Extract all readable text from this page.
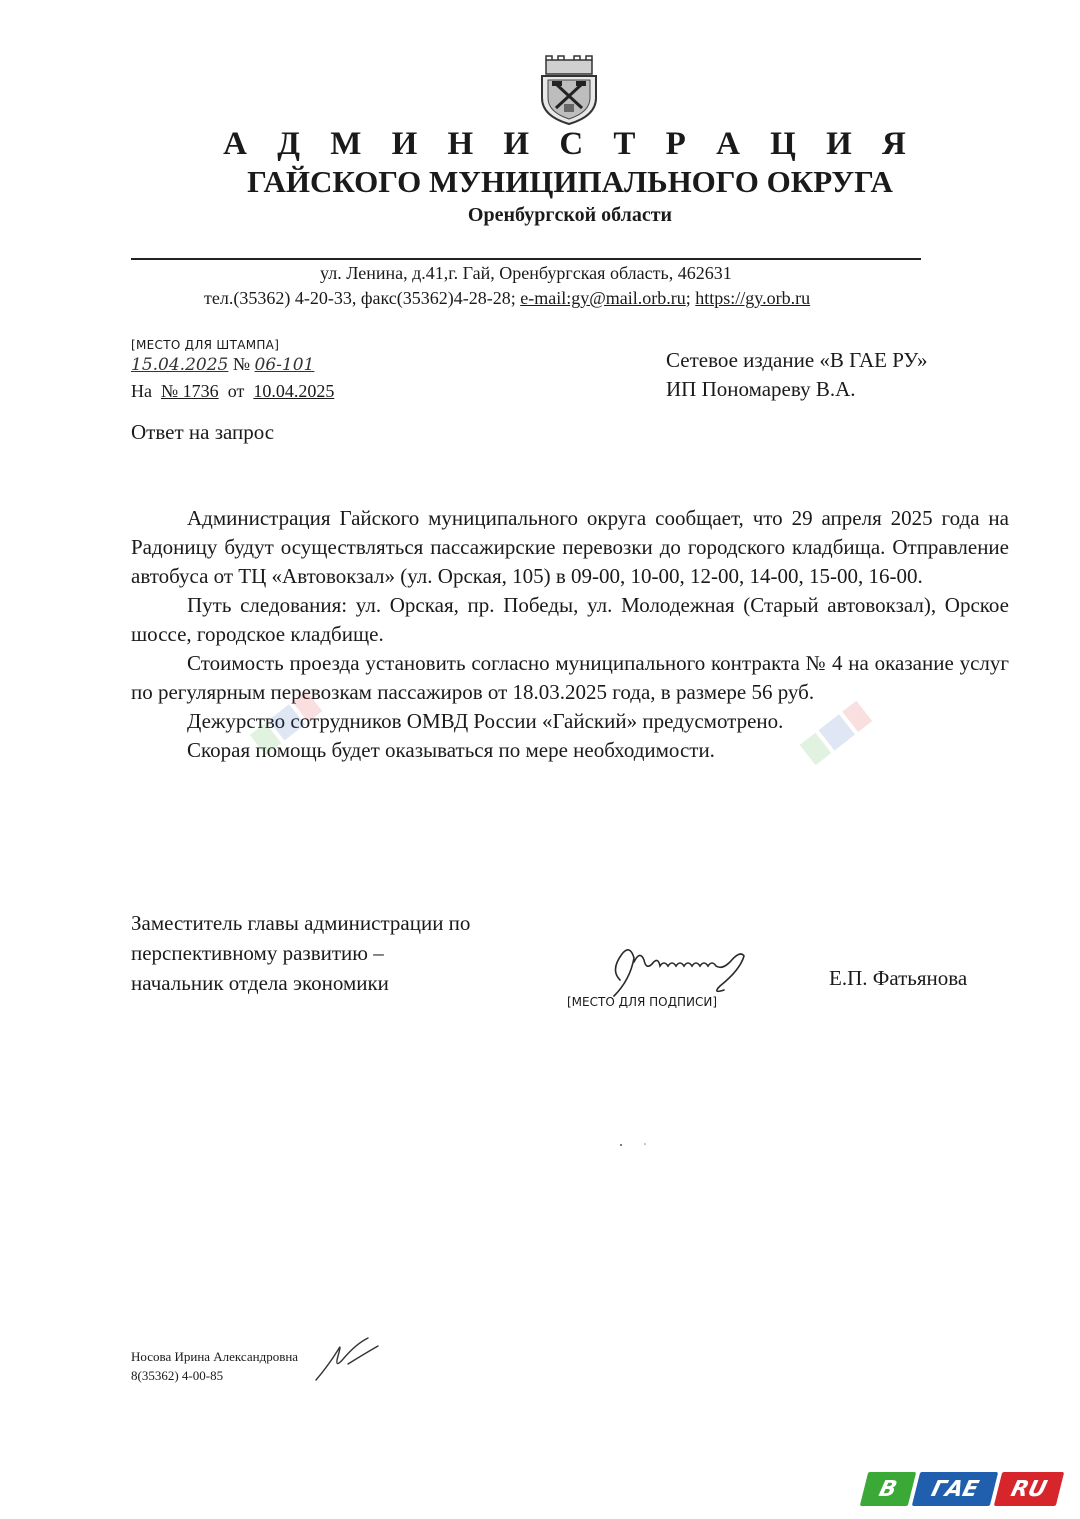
А Д М И Н И С Т Р А Ц И Я
ГАЙСКОГО МУНИЦИПАЛЬНОГО ОКРУГА
Оренбургской области
ул. Ленина, д.41,г. Гай, Оренбургская область, 462631
тел.(35362) 4-20-33, факс(35362)4-28-28; e-mail:gy@mail.orb.ru; https://gy.orb.ru
[МЕСТО ДЛЯ ШТАМПА]
15.04.2025 № 06-101
На № 1736 от 10.04.2025
Сетевое издание «В ГАЕ РУ»
ИП Пономареву В.А.
Ответ на запрос

Администрация Гайского муниципального округа сообщает, что 29 апреля 2025 года на Радоницу будут осуществляться пассажирские перевозки до городского кладбища. Отправление автобуса от ТЦ «Автовокзал» (ул. Орская, 105) в 09-00, 10-00, 12-00, 14-00, 15-00, 16-00.

Путь следования: ул. Орская, пр. Победы, ул. Молодежная (Старый автовокзал), Орское шоссе, городское кладбище.

Стоимость проезда установить согласно муниципального контракта № 4 на оказание услуг по регулярным перевозкам пассажиров от 18.03.2025 года, в размере 56 руб.

Дежурство сотрудников ОМВД России «Гайский» предусмотрено.

Скорая помощь будет оказываться по мере необходимости.

Заместитель главы администрации по
перспективному развитию –
начальник отдела экономики
[МЕСТО ДЛЯ ПОДПИСИ]
Е.П. Фатьянова
Носова Ирина Александровна
8(35362) 4-00-85
В	ГАЕ	RU
